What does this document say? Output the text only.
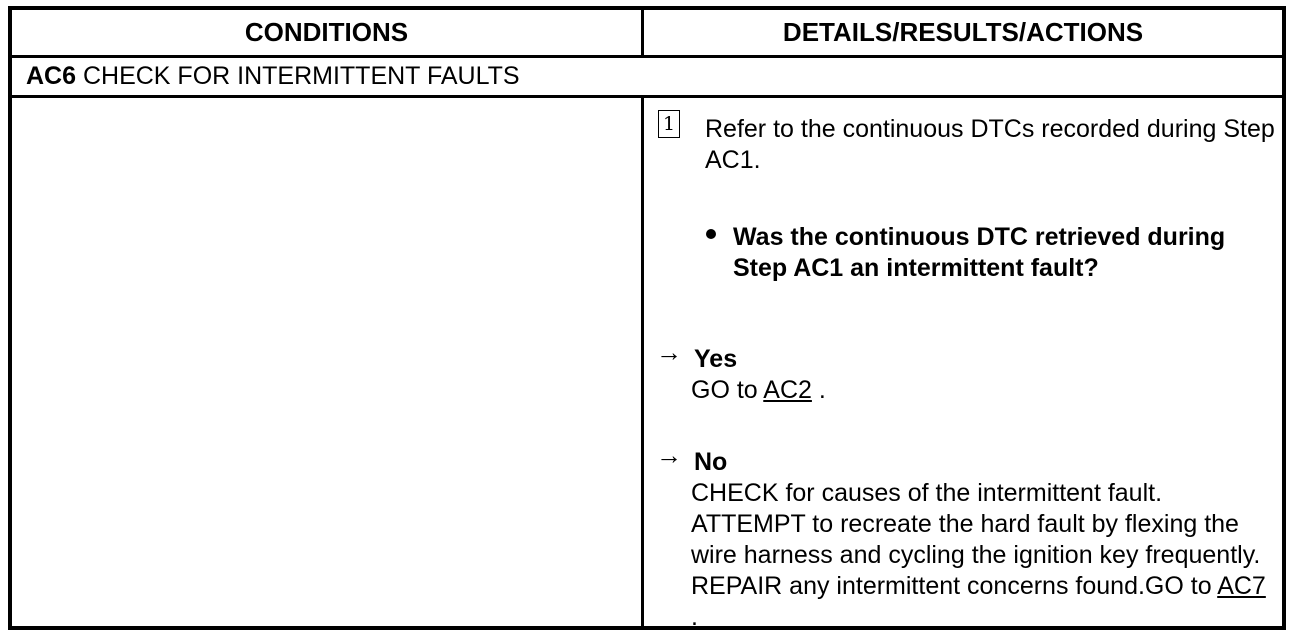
CONDITIONS	DETAILS/RESULTS/ACTIONS
AC6 CHECK FOR INTERMITTENT FAULTS
1 Refer to the continuous DTCs recorded during Step AC1.
Was the continuous DTC retrieved during Step AC1 an intermittent fault?
→ Yes
GO to AC2 .
→ No
CHECK for causes of the intermittent fault. ATTEMPT to recreate the hard fault by flexing the wire harness and cycling the ignition key frequently. REPAIR any intermittent concerns found.GO to AC7 .
